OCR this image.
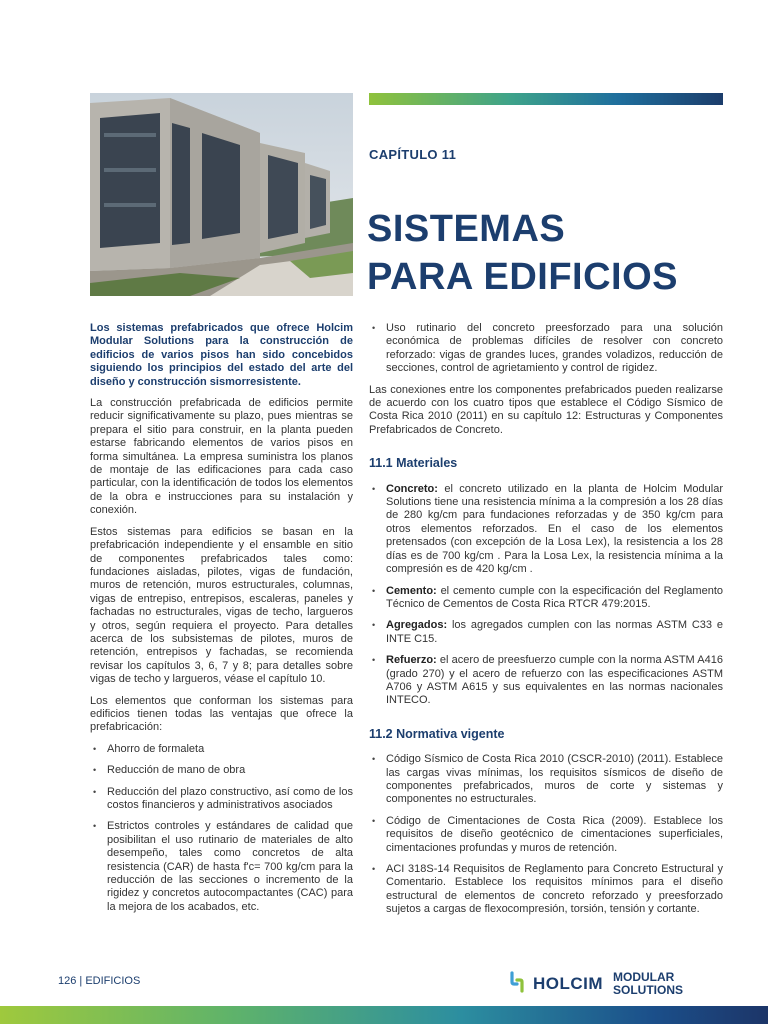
CAPÍTULO 11
SISTEMAS
PARA EDIFICIOS

Los sistemas prefabricados que ofrece Holcim Modular Solutions para la construcción de edificios de varios pisos han sido concebidos siguiendo los principios del estado del arte del diseño y construcción sismorresistente.

La construcción prefabricada de edificios permite reducir significativamente su plazo, pues mientras se prepara el sitio para construir, en la planta pueden estarse fabricando elementos de varios pisos en forma simultánea. La empresa suministra los planos de montaje de las edificaciones para cada caso particular, con la identificación de todos los elementos de la obra e instrucciones para su instalación y conexión.

Estos sistemas para edificios se basan en la prefabricación independiente y el ensamble en sitio de componentes prefabricados tales como: fundaciones aisladas, pilotes, vigas de fundación, muros de retención, muros estructurales, columnas, vigas de entrepiso, entrepisos, escaleras, paneles y fachadas no estructurales, vigas de techo, largueros y otros, según requiera el proyecto. Para detalles acerca de los subsistemas de pilotes, muros de retención, entrepisos y fachadas, se recomienda revisar los capítulos 3, 6, 7 y 8; para detalles sobre vigas de techo y largueros, véase el capítulo 10.

Los elementos que conforman los sistemas para edificios tienen todas las ventajas que ofrece la prefabricación:

• Ahorro de formaleta
• Reducción de mano de obra
• Reducción del plazo constructivo, así como de los costos financieros y administrativos asociados
• Estrictos controles y estándares de calidad que posibilitan el uso rutinario de materiales de alto desempeño, tales como concretos de alta resistencia (CAR) de hasta f'c= 700 kg/cm para la reducción de las secciones o incremento de la rigidez y concretos autocompactantes (CAC) para la mejora de los acabados, etc.
• Uso rutinario del concreto preesforzado para una solución económica de problemas difíciles de resolver con concreto reforzado: vigas de grandes luces, grandes voladizos, reducción de secciones, control de agrietamiento y control de rigidez.

Las conexiones entre los componentes prefabricados pueden realizarse de acuerdo con los cuatro tipos que establece el Código Sísmico de Costa Rica 2010 (2011) en su capítulo 12: Estructuras y Componentes Prefabricados de Concreto.

11.1 Materiales
• Concreto: el concreto utilizado en la planta de Holcim Modular Solutions tiene una resistencia mínima a la compresión a los 28 días de 280 kg/cm para fundaciones reforzadas y de 350 kg/cm para otros elementos reforzados. En el caso de los elementos pretensados (con excepción de la Losa Lex), la resistencia a los 28 días es de 700 kg/cm . Para la Losa Lex, la resistencia mínima a la compresión es de 420 kg/cm .
• Cemento: el cemento cumple con la especificación del Reglamento Técnico de Cementos de Costa Rica RTCR 479:2015.
• Agregados: los agregados cumplen con las normas ASTM C33 e INTE C15.
• Refuerzo: el acero de preesfuerzo cumple con la norma ASTM A416 (grado 270) y el acero de refuerzo con las especificaciones ASTM A706 y ASTM A615 y sus equivalentes en las normas nacionales INTECO.
11.2 Normativa vigente
• Código Sísmico de Costa Rica 2010 (CSCR-2010) (2011). Establece las cargas vivas mínimas, los requisitos sísmicos de diseño de componentes prefabricados, muros de corte y sistemas y componentes no estructurales.
• Código de Cimentaciones de Costa Rica (2009). Establece los requisitos de diseño geotécnico de cimentaciones superficiales, cimentaciones profundas y muros de retención.
• ACI 318S-14 Requisitos de Reglamento para Concreto Estructural y Comentario. Establece los requisitos mínimos para el diseño estructural de elementos de concreto reforzado y preesforzado sujetos a cargas de flexocompresión, torsión, tensión y cortante.
126 | EDIFICIOS	HOLCIM MODULAR
SOLUTIONS
